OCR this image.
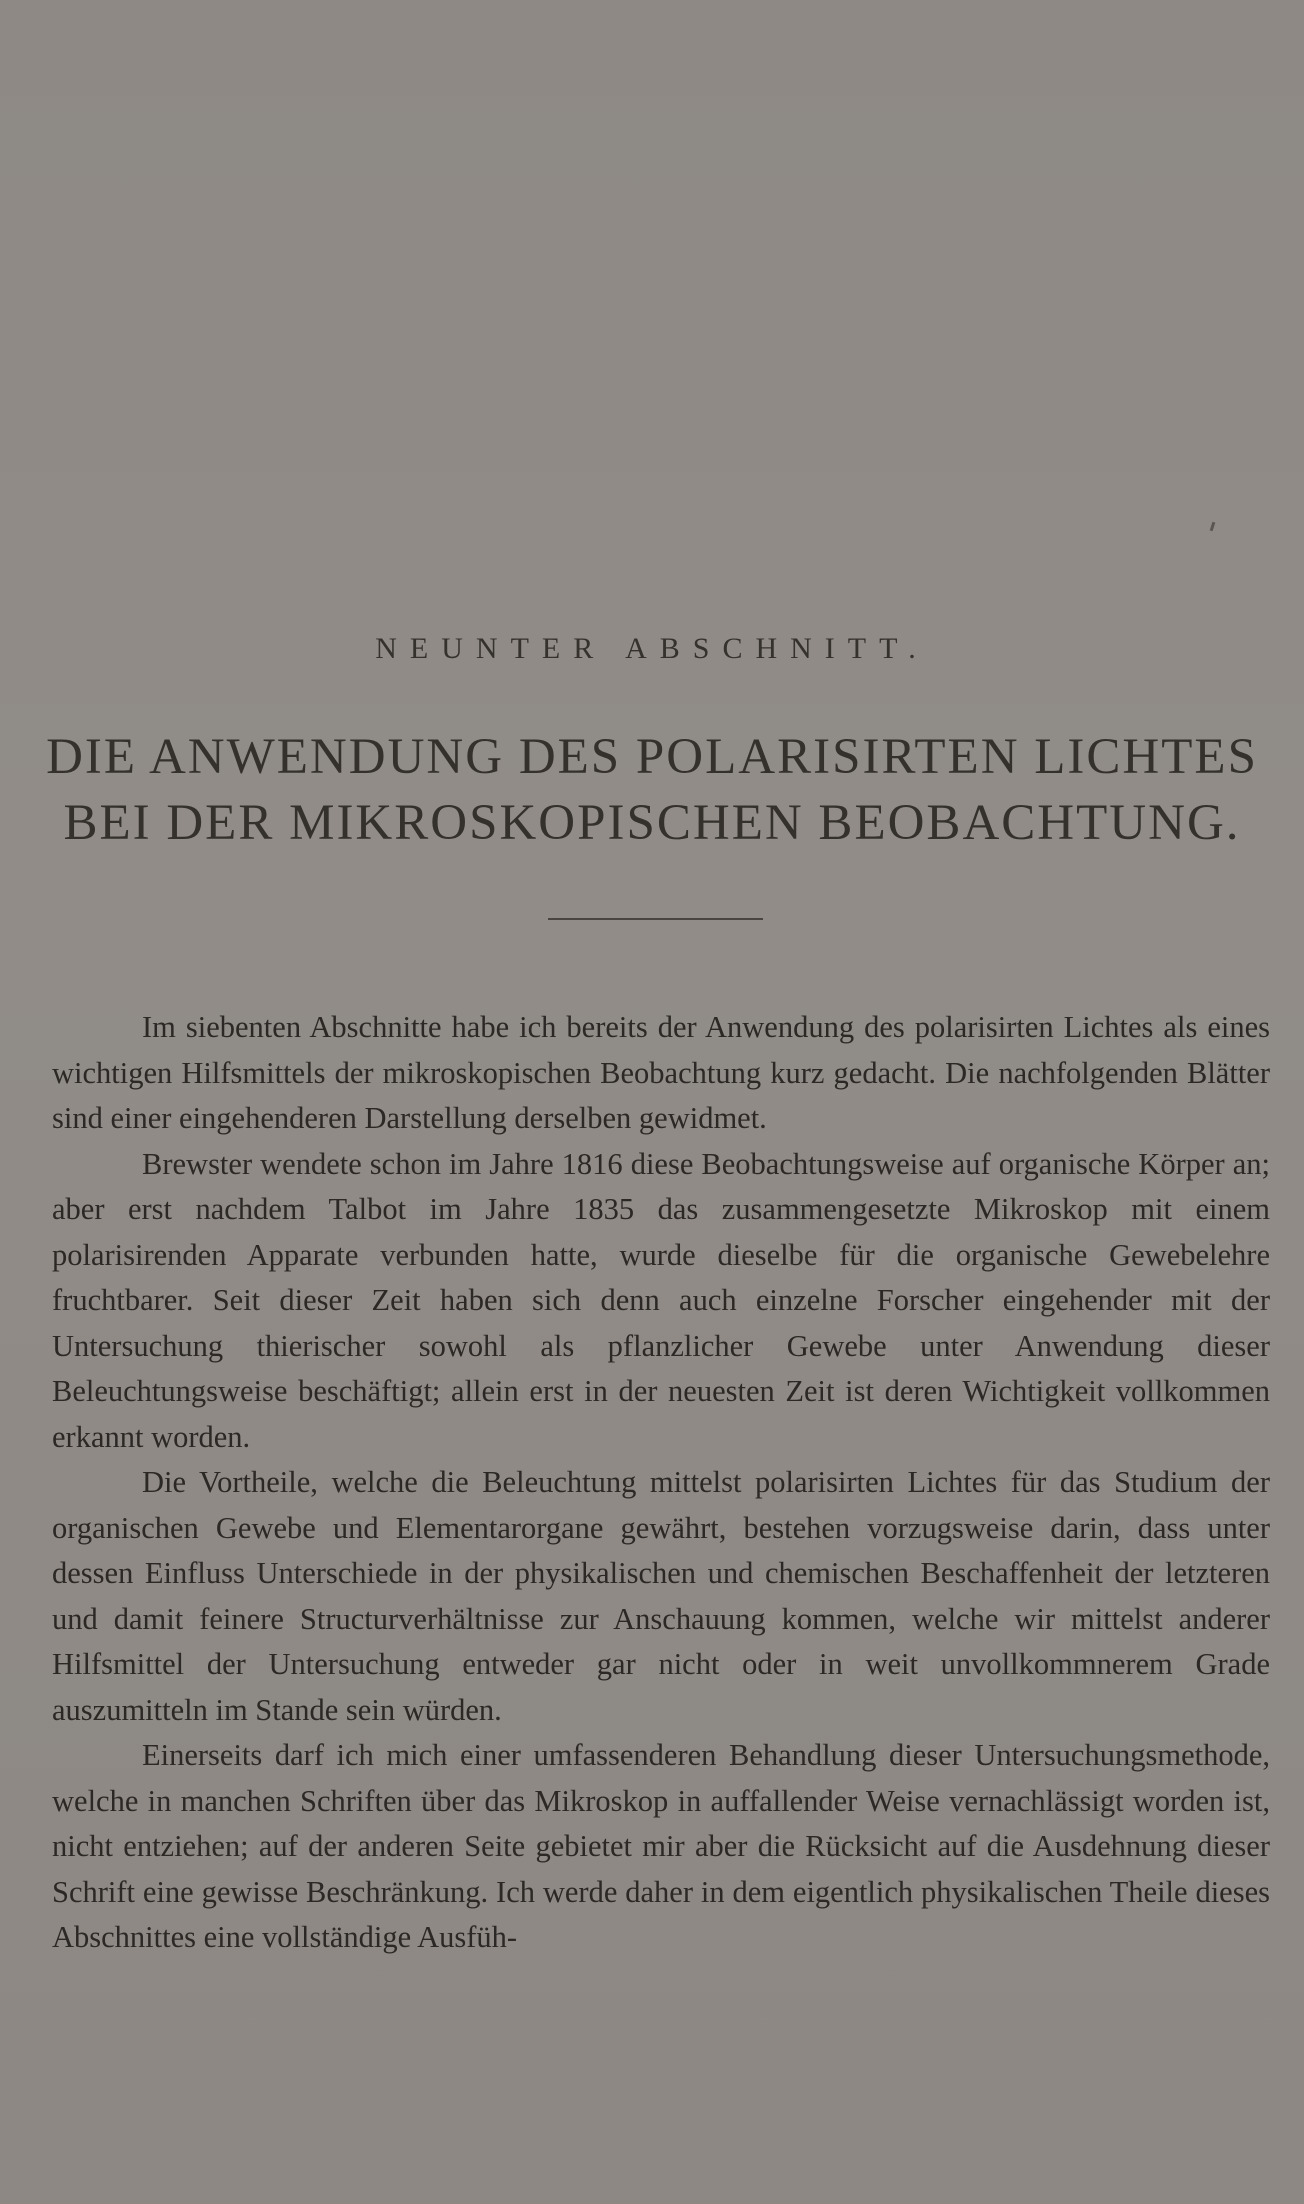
NEUNTER ABSCHNITT.
DIE ANWENDUNG DES POLARISIRTEN LICHTES
BEI DER MIKROSKOPISCHEN BEOBACHTUNG.

Im siebenten Abschnitte habe ich bereits der Anwendung des polarisirten Lichtes als eines wichtigen Hilfsmittels der mikroskopischen Beobachtung kurz gedacht. Die nachfolgenden Blätter sind einer eingehenderen Darstellung derselben gewidmet.

Brewster wendete schon im Jahre 1816 diese Beobachtungsweise auf organische Körper an; aber erst nachdem Talbot im Jahre 1835 das zusammengesetzte Mikroskop mit einem polarisirenden Apparate verbunden hatte, wurde dieselbe für die organische Gewebelehre fruchtbarer. Seit dieser Zeit haben sich denn auch einzelne Forscher eingehender mit der Untersuchung thierischer sowohl als pflanzlicher Gewebe unter Anwendung dieser Beleuchtungsweise beschäftigt; allein erst in der neuesten Zeit ist deren Wichtigkeit vollkommen erkannt worden.

Die Vortheile, welche die Beleuchtung mittelst polarisirten Lichtes für das Studium der organischen Gewebe und Elementarorgane gewährt, bestehen vorzugsweise darin, dass unter dessen Einfluss Unterschiede in der physikalischen und chemischen Beschaffenheit der letzteren und damit feinere Structurverhältnisse zur Anschauung kommen, welche wir mittelst anderer Hilfsmittel der Untersuchung entweder gar nicht oder in weit unvollkommnerem Grade auszumitteln im Stande sein würden.

Einerseits darf ich mich einer umfassenderen Behandlung dieser Untersuchungsmethode, welche in manchen Schriften über das Mikroskop in auffallender Weise vernachlässigt worden ist, nicht entziehen; auf der anderen Seite gebietet mir aber die Rücksicht auf die Ausdehnung dieser Schrift eine gewisse Beschränkung. Ich werde daher in dem eigentlich physikalischen Theile dieses Abschnittes eine vollständige Ausfüh-
